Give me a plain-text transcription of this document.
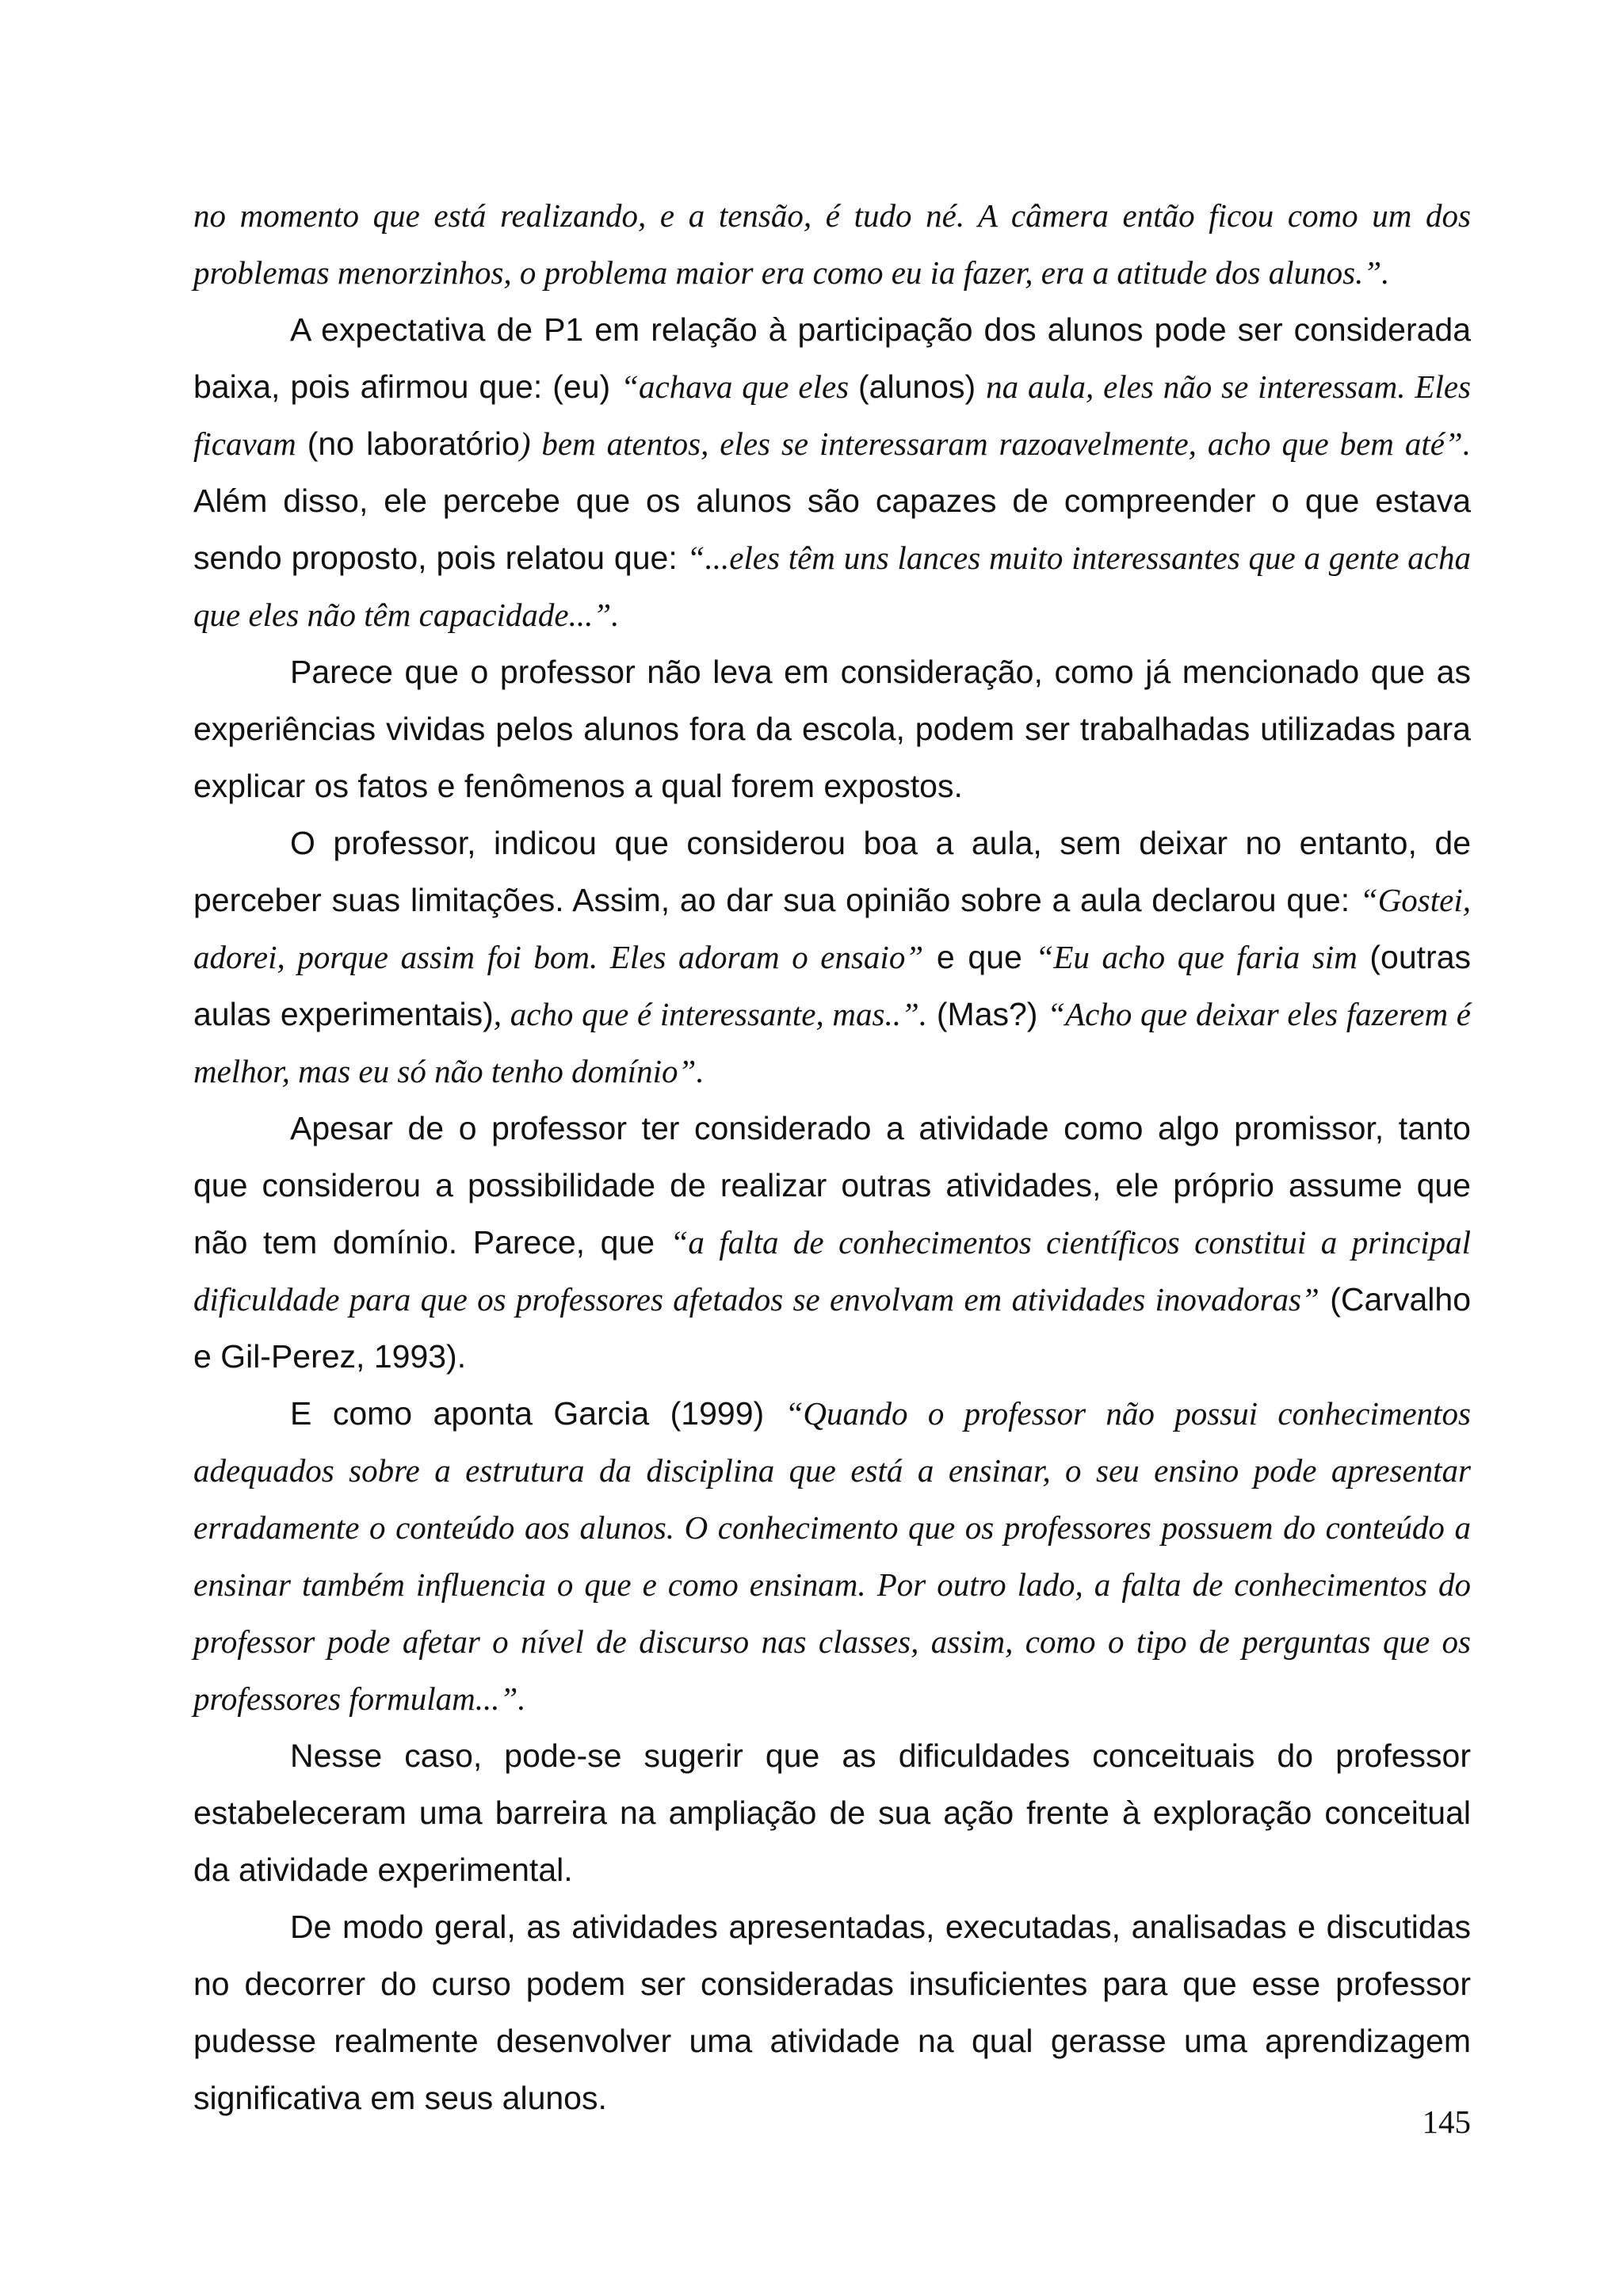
no momento que está realizando, e a tensão, é tudo né. A câmera então ficou como um dos problemas menorzinhos, o problema maior era como eu ia fazer, era a atitude dos alunos.”.

A expectativa de P1 em relação à participação dos alunos pode ser considerada baixa, pois afirmou que: (eu) “achava que eles (alunos) na aula, eles não se interessam. Eles ficavam (no laboratório) bem atentos, eles se interessaram razoavelmente, acho que bem até”. Além disso, ele percebe que os alunos são capazes de compreender o que estava sendo proposto, pois relatou que: “...eles têm uns lances muito interessantes que a gente acha que eles não têm capacidade...”.

Parece que o professor não leva em consideração, como já mencionado que as experiências vividas pelos alunos fora da escola, podem ser trabalhadas utilizadas para explicar os fatos e fenômenos a qual forem expostos.

O professor, indicou que considerou boa a aula, sem deixar no entanto, de perceber suas limitações. Assim, ao dar sua opinião sobre a aula declarou que: “Gostei, adorei, porque assim foi bom. Eles adoram o ensaio” e que “Eu acho que faria sim (outras aulas experimentais), acho que é interessante, mas..”. (Mas?) “Acho que deixar eles fazerem é melhor, mas eu só não tenho domínio”.

Apesar de o professor ter considerado a atividade como algo promissor, tanto que considerou a possibilidade de realizar outras atividades, ele próprio assume que não tem domínio. Parece, que “a falta de conhecimentos científicos constitui a principal dificuldade para que os professores afetados se envolvam em atividades inovadoras” (Carvalho e Gil-Perez, 1993).

E como aponta Garcia (1999) “Quando o professor não possui conhecimentos adequados sobre a estrutura da disciplina que está a ensinar, o seu ensino pode apresentar erradamente o conteúdo aos alunos. O conhecimento que os professores possuem do conteúdo a ensinar também influencia o que e como ensinam. Por outro lado, a falta de conhecimentos do professor pode afetar o nível de discurso nas classes, assim, como o tipo de perguntas que os professores formulam...”.

Nesse caso, pode-se sugerir que as dificuldades conceituais do professor estabeleceram uma barreira na ampliação de sua ação frente à exploração conceitual da atividade experimental.

De modo geral, as atividades apresentadas, executadas, analisadas e discutidas no decorrer do curso podem ser consideradas insuficientes para que esse professor pudesse realmente desenvolver uma atividade na qual gerasse uma aprendizagem significativa em seus alunos.

145
